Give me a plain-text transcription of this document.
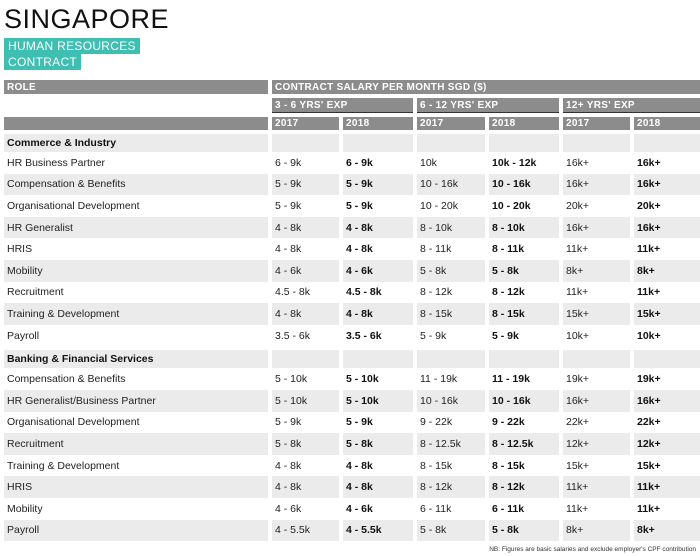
SINGAPORE
HUMAN RESOURCES
CONTRACT
ROLE	CONTRACT SALARY PER MONTH SGD ($)					

	3 - 6 YRS' EXP		6 - 12 YRS' EXP		12+ YRS' EXP	

	2017	2018	2017	2018	2017	2018

Commerce & Industry						
HR Business Partner	6 - 9k	6 - 9k	10k	10k - 12k	16k+	16k+
Compensation & Benefits	5 - 9k	5 - 9k	10 - 16k	10 - 16k	16k+	16k+
Organisational Development	5 - 9k	5 - 9k	10 - 20k	10 - 20k	20k+	20k+
HR Generalist	4 - 8k	4 - 8k	8 - 10k	8 - 10k	16k+	16k+
HRIS	4 - 8k	4 - 8k	8 - 11k	8 - 11k	11k+	11k+
Mobility	4 - 6k	4 - 6k	5 - 8k	5 - 8k	8k+	8k+
Recruitment	4.5 - 8k	4.5 - 8k	8 - 12k	8 - 12k	11k+	11k+
Training & Development	4 - 8k	4 - 8k	8 - 15k	8 - 15k	15k+	15k+
Payroll	3.5 - 6k	3.5 - 6k	5 - 9k	5 - 9k	10k+	10k+

Banking & Financial Services						
Compensation & Benefits	5 - 10k	5 - 10k	11 - 19k	11 - 19k	19k+	19k+
HR Generalist/Business Partner	5 - 10k	5 - 10k	10 - 16k	10 - 16k	16k+	16k+
Organisational Development	5 - 9k	5 - 9k	9 - 22k	9 - 22k	22k+	22k+
Recruitment	5 - 8k	5 - 8k	8 - 12.5k	8 - 12.5k	12k+	12k+
Training & Development	4 - 8k	4 - 8k	8 - 15k	8 - 15k	15k+	15k+
HRIS	4 - 8k	4 - 8k	8 - 12k	8 - 12k	11k+	11k+
Mobility	4 - 6k	4 - 6k	6 - 11k	6 - 11k	11k+	11k+
Payroll	4 - 5.5k	4 - 5.5k	5 - 8k	5 - 8k	8k+	8k+
NB: Figures are basic salaries and exclude employer's CPF contribution
